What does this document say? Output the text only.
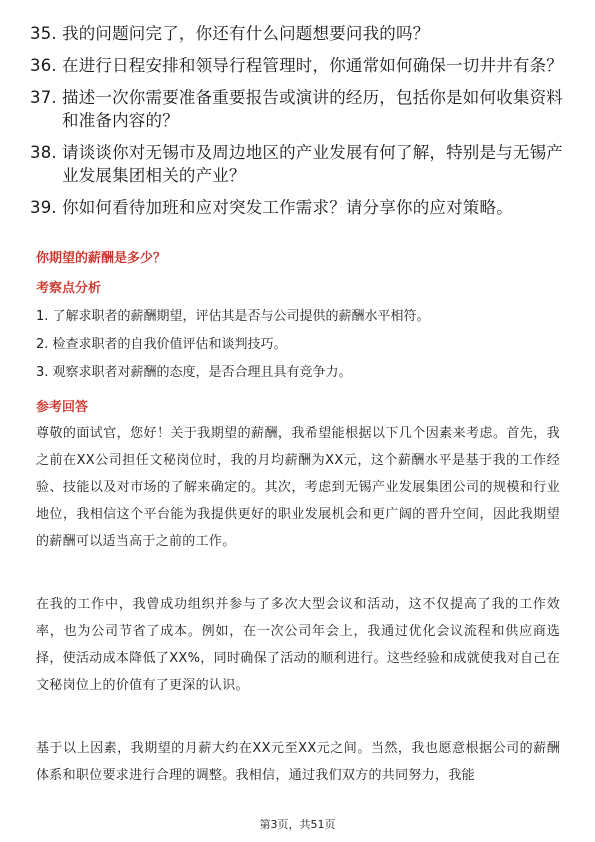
35. 我的问题问完了，你还有什么问题想要问我的吗？
36. 在进行日程安排和领导行程管理时，你通常如何确保一切井井有条？
37. 描述一次你需要准备重要报告或演讲的经历，包括你是如何收集资料和准备内容的？
38. 请谈谈你对无锡市及周边地区的产业发展有何了解，特别是与无锡产业发展集团相关的产业？
39. 你如何看待加班和应对突发工作需求？请分享你的应对策略。
你期望的薪酬是多少？
考察点分析
1. 了解求职者的薪酬期望，评估其是否与公司提供的薪酬水平相符。
2. 检查求职者的自我价值评估和谈判技巧。
3. 观察求职者对薪酬的态度，是否合理且具有竞争力。
参考回答
尊敬的面试官，您好！关于我期望的薪酬，我希望能根据以下几个因素来考虑。首先，我之前在XX公司担任文秘岗位时，我的月均薪酬为XX元，这个薪酬水平是基于我的工作经验、技能以及对市场的了解来确定的。其次，考虑到无锡产业发展集团公司的规模和行业地位，我相信这个平台能为我提供更好的职业发展机会和更广阔的晋升空间，因此我期望的薪酬可以适当高于之前的工作。
在我的工作中，我曾成功组织并参与了多次大型会议和活动，这不仅提高了我的工作效率，也为公司节省了成本。例如，在一次公司年会上，我通过优化会议流程和供应商选择，使活动成本降低了XX%，同时确保了活动的顺利进行。这些经验和成就使我对自己在文秘岗位上的价值有了更深的认识。
基于以上因素，我期望的月薪大约在XX元至XX元之间。当然，我也愿意根据公司的薪酬体系和职位要求进行合理的调整。我相信，通过我们双方的共同努力，我能
第3页，共51页
